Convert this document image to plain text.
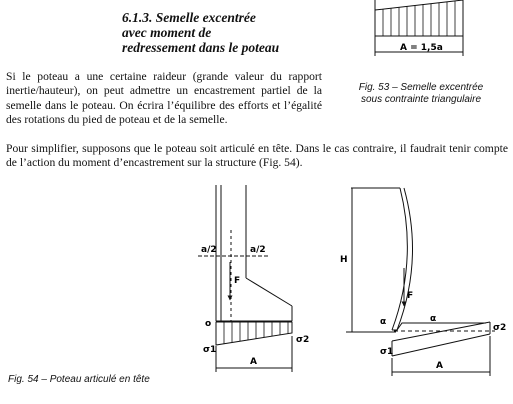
6.1.3. Semelle excentrée
avec moment de
redressement dans le poteau
Si le poteau a une certaine raideur (grande valeur du rapport inertie/hauteur), on peut admettre un encastrement partiel de la semelle dans le poteau. On écrira l’équilibre des efforts et l’égalité des rotations du pied de poteau et de la semelle.
Pour simplifier, supposons que le poteau soit articulé en tête. Dans le cas contraire, il faudrait tenir compte de l’action du moment d’encastrement sur la structure (Fig. 54).
Fig. 53 – Semelle excentrée
sous contrainte triangulaire
Fig. 54 – Poteau articulé en tête
A = 1,5a
a/2	a/2
F
o
σ1
σ2
A
H
F
α	α
σ1
σ2
A
